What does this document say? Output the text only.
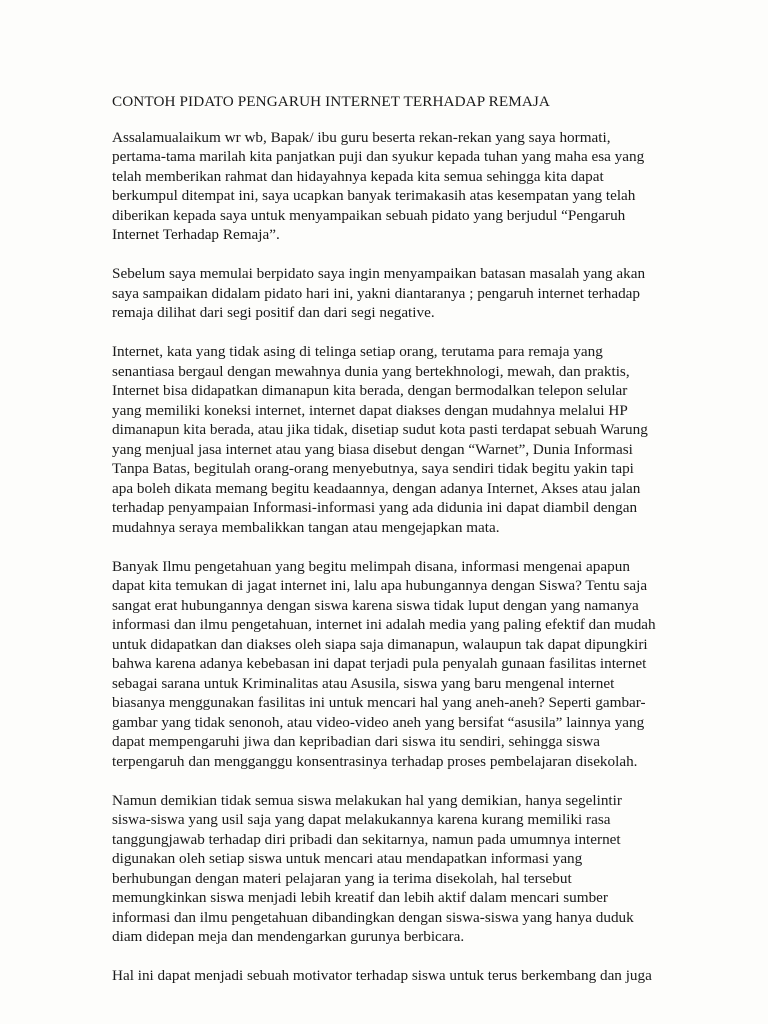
CONTOH PIDATO PENGARUH INTERNET TERHADAP REMAJA

Assalamualaikum wr wb, Bapak/ ibu guru beserta rekan-rekan yang saya hormati,
pertama-tama marilah kita panjatkan puji dan syukur kepada tuhan yang maha esa yang
telah memberikan rahmat dan hidayahnya kepada kita semua sehingga kita dapat
berkumpul ditempat ini, saya ucapkan banyak terimakasih atas kesempatan yang telah
diberikan kepada saya untuk menyampaikan sebuah pidato yang berjudul “Pengaruh
Internet Terhadap Remaja”.

Sebelum saya memulai berpidato saya ingin menyampaikan batasan masalah yang akan
saya sampaikan didalam pidato hari ini, yakni diantaranya ; pengaruh internet terhadap
remaja dilihat dari segi positif dan dari segi negative.

Internet, kata yang tidak asing di telinga setiap orang, terutama para remaja yang
senantiasa bergaul dengan mewahnya dunia yang bertekhnologi, mewah, dan praktis,
Internet bisa didapatkan dimanapun kita berada, dengan bermodalkan telepon selular
yang memiliki koneksi internet, internet dapat diakses dengan mudahnya melalui HP
dimanapun kita berada, atau jika tidak, disetiap sudut kota pasti terdapat sebuah Warung
yang menjual jasa internet atau yang biasa disebut dengan “Warnet”, Dunia Informasi
Tanpa Batas, begitulah orang-orang menyebutnya, saya sendiri tidak begitu yakin tapi
apa boleh dikata memang begitu keadaannya, dengan adanya Internet, Akses atau jalan
terhadap penyampaian Informasi-informasi yang ada didunia ini dapat diambil dengan
mudahnya seraya membalikkan tangan atau mengejapkan mata.

Banyak Ilmu pengetahuan yang begitu melimpah disana, informasi mengenai apapun
dapat kita temukan di jagat internet ini, lalu apa hubungannya dengan Siswa? Tentu saja
sangat erat hubungannya dengan siswa karena siswa tidak luput dengan yang namanya
informasi dan ilmu pengetahuan, internet ini adalah media yang paling efektif dan mudah
untuk didapatkan dan diakses oleh siapa saja dimanapun, walaupun tak dapat dipungkiri
bahwa karena adanya kebebasan ini dapat terjadi pula penyalah gunaan fasilitas internet
sebagai sarana untuk Kriminalitas atau Asusila, siswa yang baru mengenal internet
biasanya menggunakan fasilitas ini untuk mencari hal yang aneh-aneh? Seperti gambar-
gambar yang tidak senonoh, atau video-video aneh yang bersifat “asusila” lainnya yang
dapat mempengaruhi jiwa dan kepribadian dari siswa itu sendiri, sehingga siswa
terpengaruh dan mengganggu konsentrasinya terhadap proses pembelajaran disekolah.

Namun demikian tidak semua siswa melakukan hal yang demikian, hanya segelintir
siswa-siswa yang usil saja yang dapat melakukannya karena kurang memiliki rasa
tanggungjawab terhadap diri pribadi dan sekitarnya, namun pada umumnya internet
digunakan oleh setiap siswa untuk mencari atau mendapatkan informasi yang
berhubungan dengan materi pelajaran yang ia terima disekolah, hal tersebut
memungkinkan siswa menjadi lebih kreatif dan lebih aktif dalam mencari sumber
informasi dan ilmu pengetahuan dibandingkan dengan siswa-siswa yang hanya duduk
diam didepan meja dan mendengarkan gurunya berbicara.

Hal ini dapat menjadi sebuah motivator terhadap siswa untuk terus berkembang dan juga
